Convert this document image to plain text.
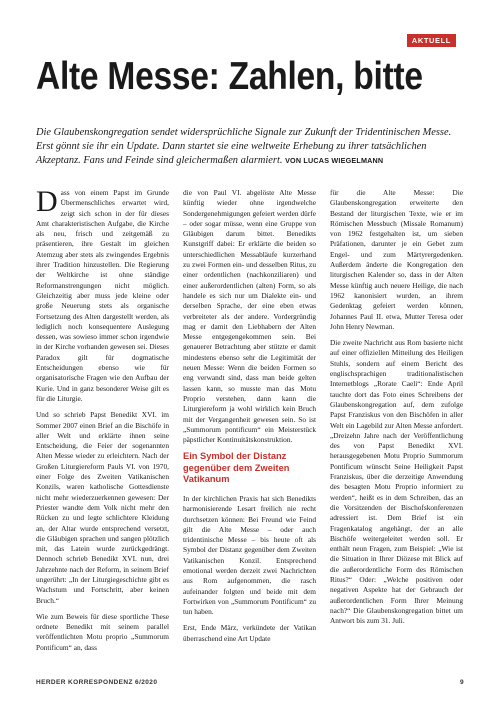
AKTUELL
Alte Messe: Zahlen, bitte

Die Glaubenskongregation sendet widersprüchliche Signale zur Zukunft der Tridentinischen Messe. Erst gönnt sie ihr ein Update. Dann startet sie eine weltweite Erhebung zu ihrer tatsächlichen Akzeptanz. Fans und Feinde sind gleichermaßen alarmiert. VON LUCAS WIEGELMANN

Dass von einem Papst im Grunde Übermenschliches erwartet wird, zeigt sich schon in der für dieses Amt charakteristischen Aufgabe, die Kirche als neu, frisch und zeitgemäß zu präsentieren, ihre Gestalt im gleichen Atemzug aber stets als zwingendes Ergebnis ihrer Tradition hinzustellen. Die Regierung der Weltkirche ist ohne ständige Reformanstrengungen nicht möglich. Gleichzeitig aber muss jede kleine oder große Neuerung stets als organische Fortsetzung des Alten dargestellt werden, als lediglich noch konsequentere Auslegung dessen, was sowieso immer schon irgendwie in der Kirche vorhanden gewesen sei. Dieses Paradox gilt für dogmatische Entscheidungen ebenso wie für organisatorische Fragen wie den Aufbau der Kurie. Und in ganz besonderer Weise gilt es für die Liturgie.

Und so schrieb Papst Benedikt XVI. im Sommer 2007 einen Brief an die Bischöfe in aller Welt und erklärte ihnen seine Entscheidung, die Feier der sogenannten Alten Messe wieder zu erleichtern. Nach der Großen Liturgiereform Pauls VI. von 1970, einer Folge des Zweiten Vatikanischen Konzils, waren katholische Gottesdienste nicht mehr wiederzuerkennen gewesen: Der Priester wandte dem Volk nicht mehr den Rücken zu und legte schlichtere Kleidung an, der Altar wurde entsprechend versetzt, die Gläubigen sprachen und sangen plötzlich mit, das Latein wurde zurückgedrängt. Dennoch schrieb Benedikt XVI. nun, drei Jahrzehnte nach der Reform, in seinem Brief ungerührt: „In der Liturgiegeschichte gibt es Wachstum und Fortschritt, aber keinen Bruch.“

Wie zum Beweis für diese sportliche These ordnete Benedikt mit seinem parallel veröffentlichten Motu proprio „Summorum Pontificum“ an, dass

die von Paul VI. abgelöste Alte Messe künftig wieder ohne irgendwelche Sondergenehmigungen gefeiert werden dürfe – oder sogar müsse, wenn eine Gruppe von Gläubigen darum bittet. Benedikts Kunstgriff dabei: Er erklärte die beiden so unterschiedlichen Messabläufe kurzerhand zu zwei Formen ein- und desselben Ritus, zu einer ordentlichen (nachkonziliaren) und einer außerordentlichen (alten) Form, so als handele es sich nur um Dialekte ein- und derselben Sprache, der eine eben etwas verbreiteter als der andere. Vordergründig mag er damit den Liebhabern der Alten Messe entgegengekommen sein. Bei genauerer Betrachtung aber stützte er damit mindestens ebenso sehr die Legitimität der neuen Messe: Wenn die beiden Formen so eng verwandt sind, dass man beide gelten lassen kann, so musste man das Motu Proprio verstehen, dann kann die Liturgiereform ja wohl wirklich kein Bruch mit der Vergangenheit gewesen sein. So ist „Summorum pontificum“ ein Meisterstück päpstlicher Kontinuitätskonstruktion.

Ein Symbol der Distanz gegenüber dem Zweiten Vatikanum

In der kirchlichen Praxis hat sich Benedikts harmonisierende Lesart freilich nie recht durchsetzen können: Bei Freund wie Feind gilt die Alte Messe – oder auch tridentinische Messe – bis heute oft als Symbol der Distanz gegenüber dem Zweiten Vatikanischen Konzil. Entsprechend emotional werden derzeit zwei Nachrichten aus Rom aufgenommen, die rasch aufeinander folgten und beide mit dem Fortwirken von „Summorum Pontificum“ zu tun haben.

Erst, Ende März, verkündete der Vatikan überraschend eine Art Update

für die Alte Messe: Die Glaubenskongregation erweiterte den Bestand der liturgischen Texte, wie er im Römischen Messbuch (Missale Romanum) von 1962 festgehalten ist, um sieben Präfationen, darunter je ein Gebet zum Engel- und zum Märtyrergedenken. Außerdem änderte die Kongregation den liturgischen Kalender so, dass in der Alten Messe künftig auch neuere Heilige, die nach 1962 kanonisiert wurden, an ihrem Gedenktag gefeiert werden können, Johannes Paul II. etwa, Mutter Teresa oder John Henry Newman.

Die zweite Nachricht aus Rom basierte nicht auf einer offiziellen Mitteilung des Heiligen Stuhls, sondern auf einem Bericht des englischsprachigen traditionalistischen Internetblogs „Rorate Caeli“: Ende April tauchte dort das Foto eines Schreibens der Glaubenskongregation auf, dem zufolge Papst Franziskus von den Bischöfen in aller Welt ein Lagebild zur Alten Messe anfordert. „Dreizehn Jahre nach der Veröffentlichung des von Papst Benedikt XVI. herausgegebenen Motu Proprio Summorum Pontificum wünscht Seine Heiligkeit Papst Franziskus, über die derzeitige Anwendung des besagten Motu Proprio informiert zu werden“, heißt es in dem Schreiben, das an die Vorsitzenden der Bischofskonferenzen adressiert ist. Dem Brief ist ein Fragenkatalog angehängt, der an alle Bischöfe weitergeleitet werden soll. Er enthält neun Fragen, zum Beispiel: „Wie ist die Situation in Ihrer Diözese mit Blick auf die außerordentliche Form des Römischen Ritus?“ Oder: „Welche positiven oder negativen Aspekte hat der Gebrauch der außerordentlichen Form Ihrer Meinung nach?“ Die Glaubenskongregation bittet um Antwort bis zum 31. Juli.

HERDER KORRESPONDENZ 6/2020	9
